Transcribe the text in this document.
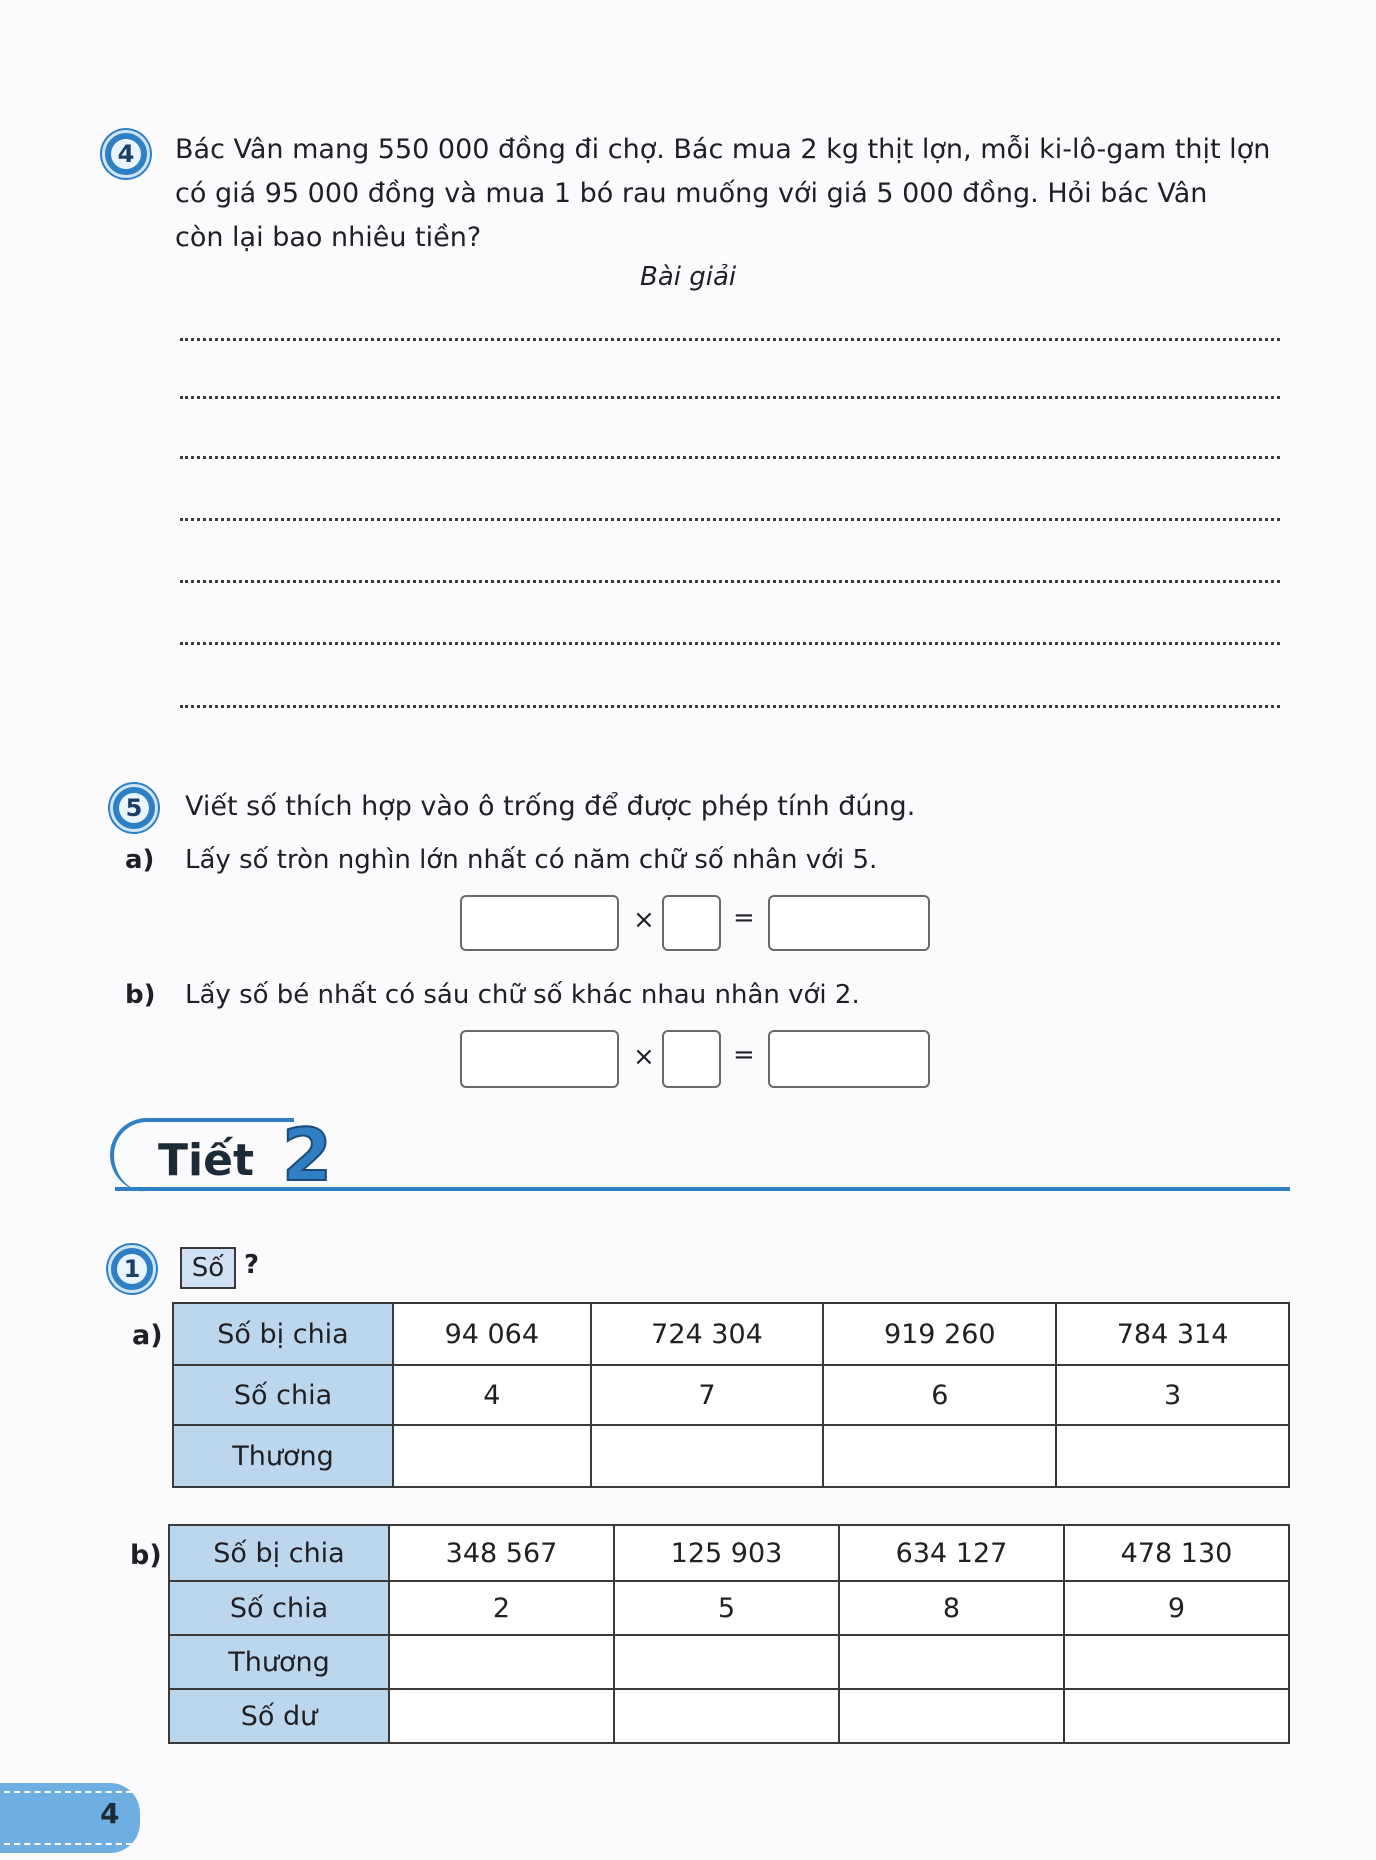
4	Bác Vân mang 550 000 đồng đi chợ. Bác mua 2 kg thịt lợn, mỗi ki-lô-gam thịt lợn
có giá 95 000 đồng và mua 1 bó rau muống với giá 5 000 đồng. Hỏi bác Vân
còn lại bao nhiêu tiền?
Bài giải
5	Viết số thích hợp vào ô trống để được phép tính đúng.
a) Lấy số tròn nghìn lớn nhất có năm chữ số nhân với 5.
×	=
b) Lấy số bé nhất có sáu chữ số khác nhau nhân với 2.
×	=
Tiết 2
1	Số ?
a) Số bị chia	94 064	724 304	919 260	784 314
Số chia	4	7	6	3
Thương				
b) Số bị chia	348 567	125 903	634 127	478 130
Số chia	2	5	8	9
Thương				
Số dư				
4
